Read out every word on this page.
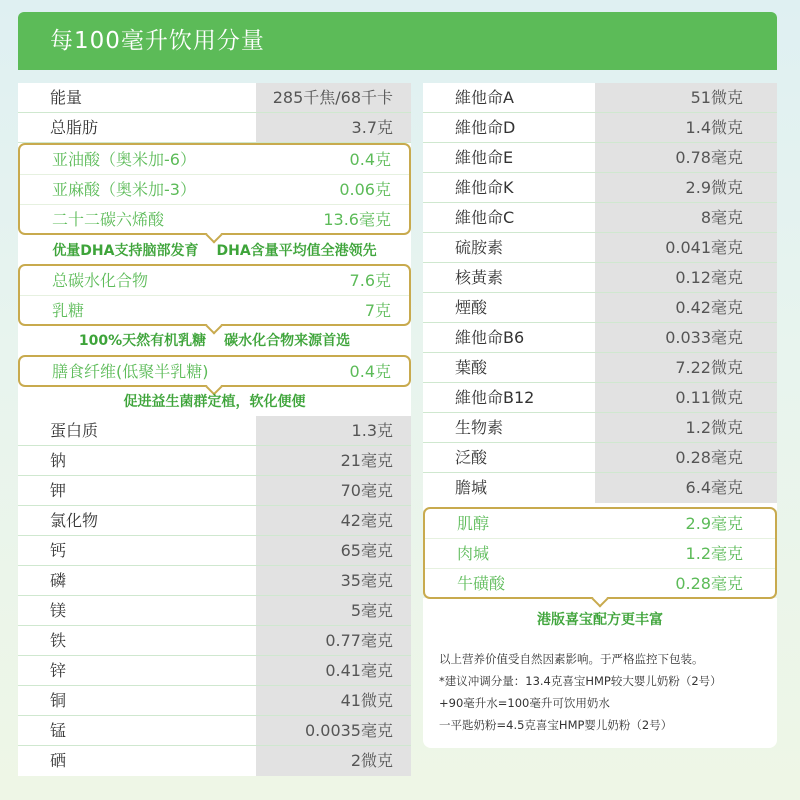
每100毫升饮用分量
能量	285千焦/68千卡
总脂肪	3.7克
亚油酸（奥米加-6）	0.4克
亚麻酸（奥米加-3）	0.06克
二十二碳六烯酸	13.6毫克
优量DHA支持脑部发育 DHA含量平均值全港领先
总碳水化合物	7.6克
乳糖	7克
100%天然有机乳糖 碳水化合物来源首选
膳食纤维(低聚半乳糖)	0.4克
促进益生菌群定植，软化便便
蛋白质	1.3克
钠	21毫克
钾	70毫克
氯化物	42毫克
钙	65毫克
磷	35毫克
镁	5毫克
铁	0.77毫克
锌	0.41毫克
铜	41微克
锰	0.0035毫克
硒	2微克
維他命A	51微克
維他命D	1.4微克
維他命E	0.78毫克
維他命K	2.9微克
維他命C	8毫克
硫胺素	0.041毫克
核黃素	0.12毫克
煙酸	0.42毫克
維他命B6	0.033毫克
葉酸	7.22微克
維他命B12	0.11微克
生物素	1.2微克
泛酸	0.28毫克
膽堿	6.4毫克
肌醇	2.9毫克
肉堿	1.2毫克
牛磺酸	0.28毫克
港版喜宝配方更丰富
以上营养价值受自然因素影响。于严格监控下包装。
*建议冲调分量：13.4克喜宝HMP较大婴儿奶粉（2号）
+90毫升水=100毫升可饮用奶水
一平匙奶粉=4.5克喜宝HMP婴儿奶粉（2号）
